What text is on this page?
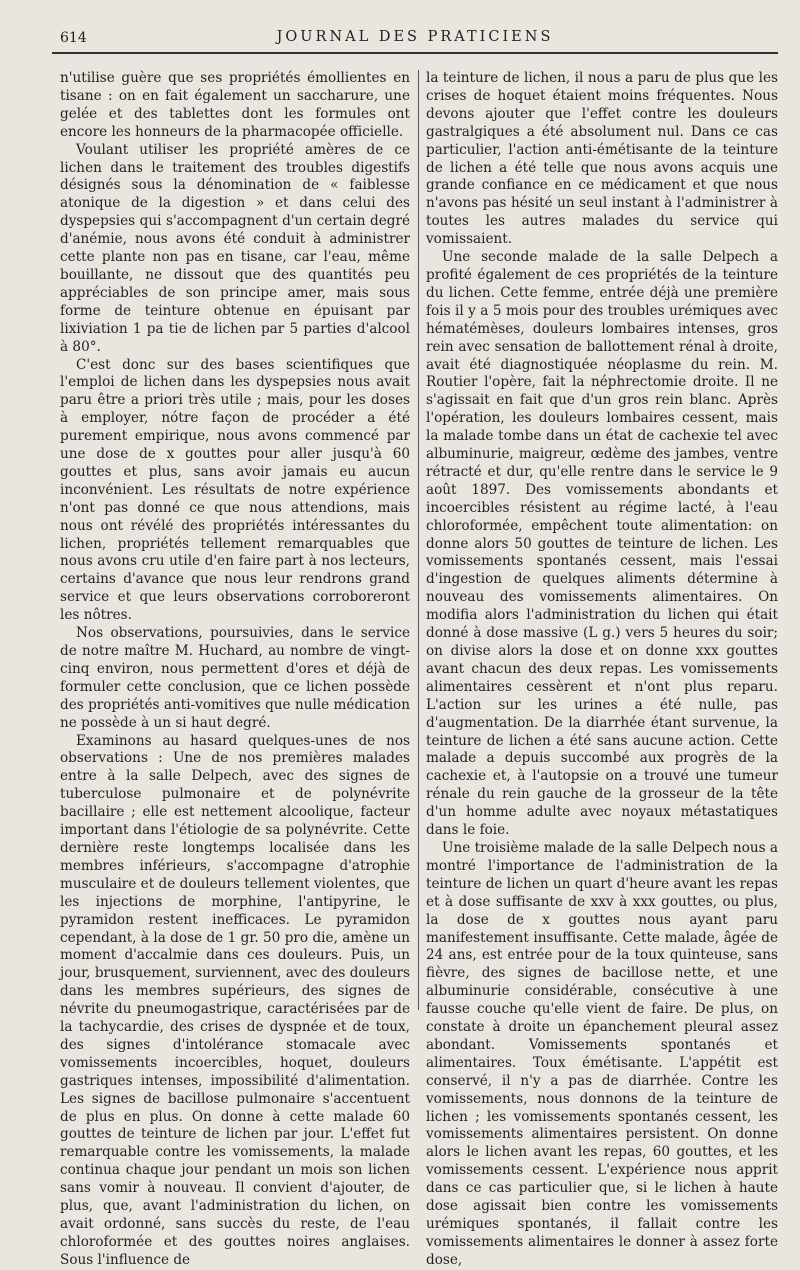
614	JOURNAL DES PRATICIENS

n'utilise guère que ses propriétés émollientes en tisane : on en fait également un saccharure, une gelée et des tablettes dont les formules ont encore les honneurs de la pharmacopée officielle.

Voulant utiliser les propriété amères de ce lichen dans le traitement des troubles digestifs désignés sous la dénomination de « faiblesse atonique de la digestion » et dans celui des dyspepsies qui s'accompagnent d'un certain degré d'anémie, nous avons été conduit à administrer cette plante non pas en tisane, car l'eau, même bouillante, ne dissout que des quantités peu appréciables de son principe amer, mais sous forme de teinture obtenue en épuisant par lixiviation 1 pa tie de lichen par 5 parties d'alcool à 80°.

C'est donc sur des bases scientifiques que l'emploi de lichen dans les dyspepsies nous avait paru être a priori très utile ; mais, pour les doses à employer, nótre façon de procéder a été purement empirique, nous avons commencé par une dose de x gouttes pour aller jusqu'à 60 gouttes et plus, sans avoir jamais eu aucun inconvénient. Les résultats de notre expérience n'ont pas donné ce que nous attendions, mais nous ont révélé des propriétés intéressantes du lichen, propriétés tellement remarquables que nous avons cru utile d'en faire part à nos lecteurs, certains d'avance que nous leur rendrons grand service et que leurs observations corroboreront les nôtres.

Nos observations, poursuivies, dans le service de notre maître M. Huchard, au nombre de vingt-cinq environ, nous permettent d'ores et déjà de formuler cette conclusion, que ce lichen possède des propriétés anti-vomitives que nulle médication ne possède à un si haut degré.

Examinons au hasard quelques-unes de nos observations : Une de nos premières malades entre à la salle Delpech, avec des signes de tuberculose pulmonaire et de polynévrite bacillaire ; elle est nettement alcoolique, facteur important dans l'étiologie de sa polynévrite. Cette dernière reste longtemps localisée dans les membres inférieurs, s'accompagne d'atrophie musculaire et de douleurs tellement violentes, que les injections de morphine, l'antipyrine, le pyramidon restent inefficaces. Le pyramidon cependant, à la dose de 1 gr. 50 pro die, amène un moment d'accalmie dans ces douleurs. Puis, un jour, brusquement, surviennent, avec des douleurs dans les membres supérieurs, des signes de névrite du pneumogastrique, caractérisées par de la tachycardie, des crises de dyspnée et de toux, des signes d'intolérance stomacale avec vomissements incoercibles, hoquet, douleurs gastriques intenses, impossibilité d'alimentation. Les signes de bacillose pulmonaire s'accentuent de plus en plus. On donne à cette malade 60 gouttes de teinture de lichen par jour. L'effet fut remarquable contre les vomissements, la malade continua chaque jour pendant un mois son lichen sans vomir à nouveau. Il convient d'ajouter, de plus, que, avant l'administration du lichen, on avait ordonné, sans succès du reste, de l'eau chloroformée et des gouttes noires anglaises. Sous l'influence de

la teinture de lichen, il nous a paru de plus que les crises de hoquet étaient moins fréquentes. Nous devons ajouter que l'effet contre les douleurs gastralgiques a été absolument nul. Dans ce cas particulier, l'action anti-émétisante de la teinture de lichen a été telle que nous avons acquis une grande confiance en ce médicament et que nous n'avons pas hésité un seul instant à l'administrer à toutes les autres malades du service qui vomissaient.

Une seconde malade de la salle Delpech a profité également de ces propriétés de la teinture du lichen. Cette femme, entrée déjà une première fois il y a 5 mois pour des troubles urémiques avec hématémèses, douleurs lombaires intenses, gros rein avec sensation de ballottement rénal à droite, avait été diagnostiquée néoplasme du rein. M. Routier l'opère, fait la néphrectomie droite. Il ne s'agissait en fait que d'un gros rein blanc. Après l'opération, les douleurs lombaires cessent, mais la malade tombe dans un état de cachexie tel avec albuminurie, maigreur, œdème des jambes, ventre rétracté et dur, qu'elle rentre dans le service le 9 août 1897. Des vomissements abondants et incoercibles résistent au régime lacté, à l'eau chloroformée, empêchent toute alimentation: on donne alors 50 gouttes de teinture de lichen. Les vomissements spontanés cessent, mais l'essai d'ingestion de quelques aliments détermine à nouveau des vomissements alimentaires. On modifia alors l'administration du lichen qui était donné à dose massive (L g.) vers 5 heures du soir; on divise alors la dose et on donne xxx gouttes avant chacun des deux repas. Les vomissements alimentaires cessèrent et n'ont plus reparu. L'action sur les urines a été nulle, pas d'augmentation. De la diarrhée étant survenue, la teinture de lichen a été sans aucune action. Cette malade a depuis succombé aux progrès de la cachexie et, à l'autopsie on a trouvé une tumeur rénale du rein gauche de la grosseur de la tête d'un homme adulte avec noyaux métastatiques dans le foie.

Une troisième malade de la salle Delpech nous a montré l'importance de l'administration de la teinture de lichen un quart d'heure avant les repas et à dose suffisante de xxv à xxx gouttes, ou plus, la dose de x gouttes nous ayant paru manifestement insuffisante. Cette malade, âgée de 24 ans, est entrée pour de la toux quinteuse, sans fièvre, des signes de bacillose nette, et une albuminurie considérable, consécutive à une fausse couche qu'elle vient de faire. De plus, on constate à droite un épanchement pleural assez abondant. Vomissements spontanés et alimentaires. Toux émétisante. L'appétit est conservé, il n'y a pas de diarrhée. Contre les vomissements, nous donnons de la teinture de lichen ; les vomissements spontanés cessent, les vomissements alimentaires persistent. On donne alors le lichen avant les repas, 60 gouttes, et les vomissements cessent. L'expérience nous apprit dans ce cas particulier que, si le lichen à haute dose agissait bien contre les vomissements urémiques spontanés, il fallait contre les vomissements alimentaires le donner à assez forte dose,
